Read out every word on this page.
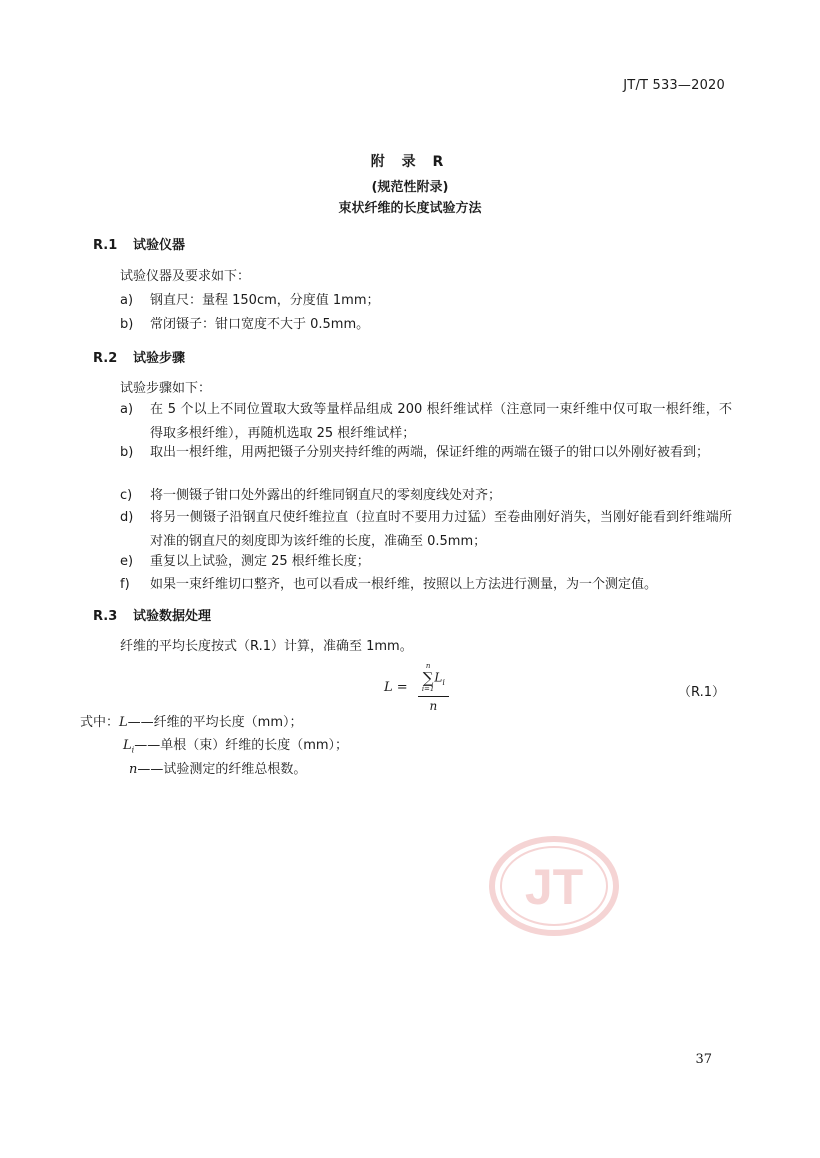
JT/T 533—2020
附 录 R
(规范性附录)
束状纤维的长度试验方法
R.1 试验仪器
试验仪器及要求如下：
a) 钢直尺：量程 150cm，分度值 1mm；
b) 常闭镊子：钳口宽度不大于 0.5mm。
R.2 试验步骤
试验步骤如下：
a) 在 5 个以上不同位置取大致等量样品组成 200 根纤维试样（注意同一束纤维中仅可取一根纤维，不得取多根纤维），再随机选取 25 根纤维试样；
b) 取出一根纤维，用两把镊子分别夹持纤维的两端，保证纤维的两端在镊子的钳口以外刚好被看到；
c) 将一侧镊子钳口处外露出的纤维同钢直尺的零刻度线处对齐；
d) 将另一侧镊子沿钢直尺使纤维拉直（拉直时不要用力过猛）至卷曲刚好消失，当刚好能看到纤维端所对准的钢直尺的刻度即为该纤维的长度，准确至 0.5mm；
e) 重复以上试验，测定 25 根纤维长度；
f) 如果一束纤维切口整齐，也可以看成一根纤维，按照以上方法进行测量，为一个测定值。
R.3 试验数据处理
纤维的平均长度按式（R.1）计算，准确至 1mm。
L = n
∑
i=1
$L_i$
n	（R.1）
式中：L——纤维的平均长度（mm）；
$L_i——$单根（束）纤维的长度（mm）；
n——试验测定的纤维总根数。
JT
37
